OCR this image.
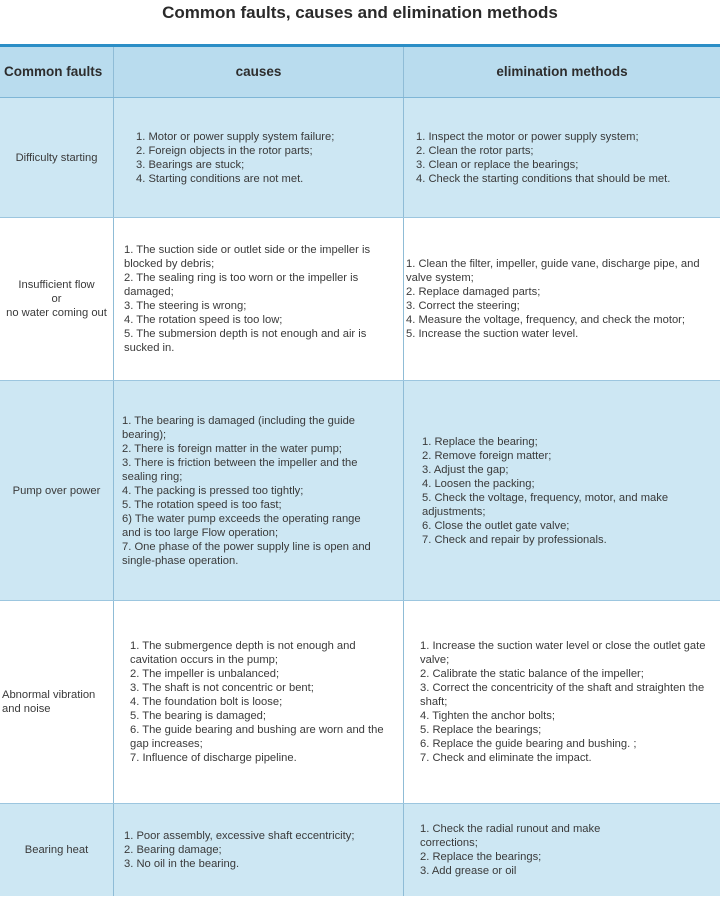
Common faults, causes and elimination methods
Common faults	causes	elimination methods
Difficulty starting
1. Motor or power supply system failure;
2. Foreign objects in the rotor parts;
3. Bearings are stuck;
4. Starting conditions are not met.
1. Inspect the motor or power supply system;
2. Clean the rotor parts;
3. Clean or replace the bearings;
4. Check the starting conditions that should be met.
Insufficient flow
or
no water coming out
1. The suction side or outlet side or the impeller is blocked by debris;
2. The sealing ring is too worn or the impeller is damaged;
3. The steering is wrong;
4. The rotation speed is too low;
5. The submersion depth is not enough and air is sucked in.
1. Clean the filter, impeller, guide vane, discharge pipe, and valve system;
2. Replace damaged parts;
3. Correct the steering;
4. Measure the voltage, frequency, and check the motor;
5. Increase the suction water level.
Pump over power
1. The bearing is damaged (including the guide bearing);
2. There is foreign matter in the water pump;
3. There is friction between the impeller and the sealing ring;
4. The packing is pressed too tightly;
5. The rotation speed is too fast;
6) The water pump exceeds the operating range and is too large Flow operation;
7. One phase of the power supply line is open and single-phase operation.
1. Replace the bearing;
2. Remove foreign matter;
3. Adjust the gap;
4. Loosen the packing;
5. Check the voltage, frequency, motor, and make adjustments;
6. Close the outlet gate valve;
7. Check and repair by professionals.
Abnormal vibration
and noise
1. The submergence depth is not enough and cavitation occurs in the pump;
2. The impeller is unbalanced;
3. The shaft is not concentric or bent;
4. The foundation bolt is loose;
5. The bearing is damaged;
6. The guide bearing and bushing are worn and the gap increases;
7. Influence of discharge pipeline.
1. Increase the suction water level or close the outlet gate valve;
2. Calibrate the static balance of the impeller;
3. Correct the concentricity of the shaft and straighten the shaft;
4. Tighten the anchor bolts;
5. Replace the bearings;
6. Replace the guide bearing and bushing. ;
7. Check and eliminate the impact.
Bearing heat
1. Poor assembly, excessive shaft eccentricity;
2. Bearing damage;
3. No oil in the bearing.
1. Check the radial runout and make corrections;
2. Replace the bearings;
3. Add grease or oil
